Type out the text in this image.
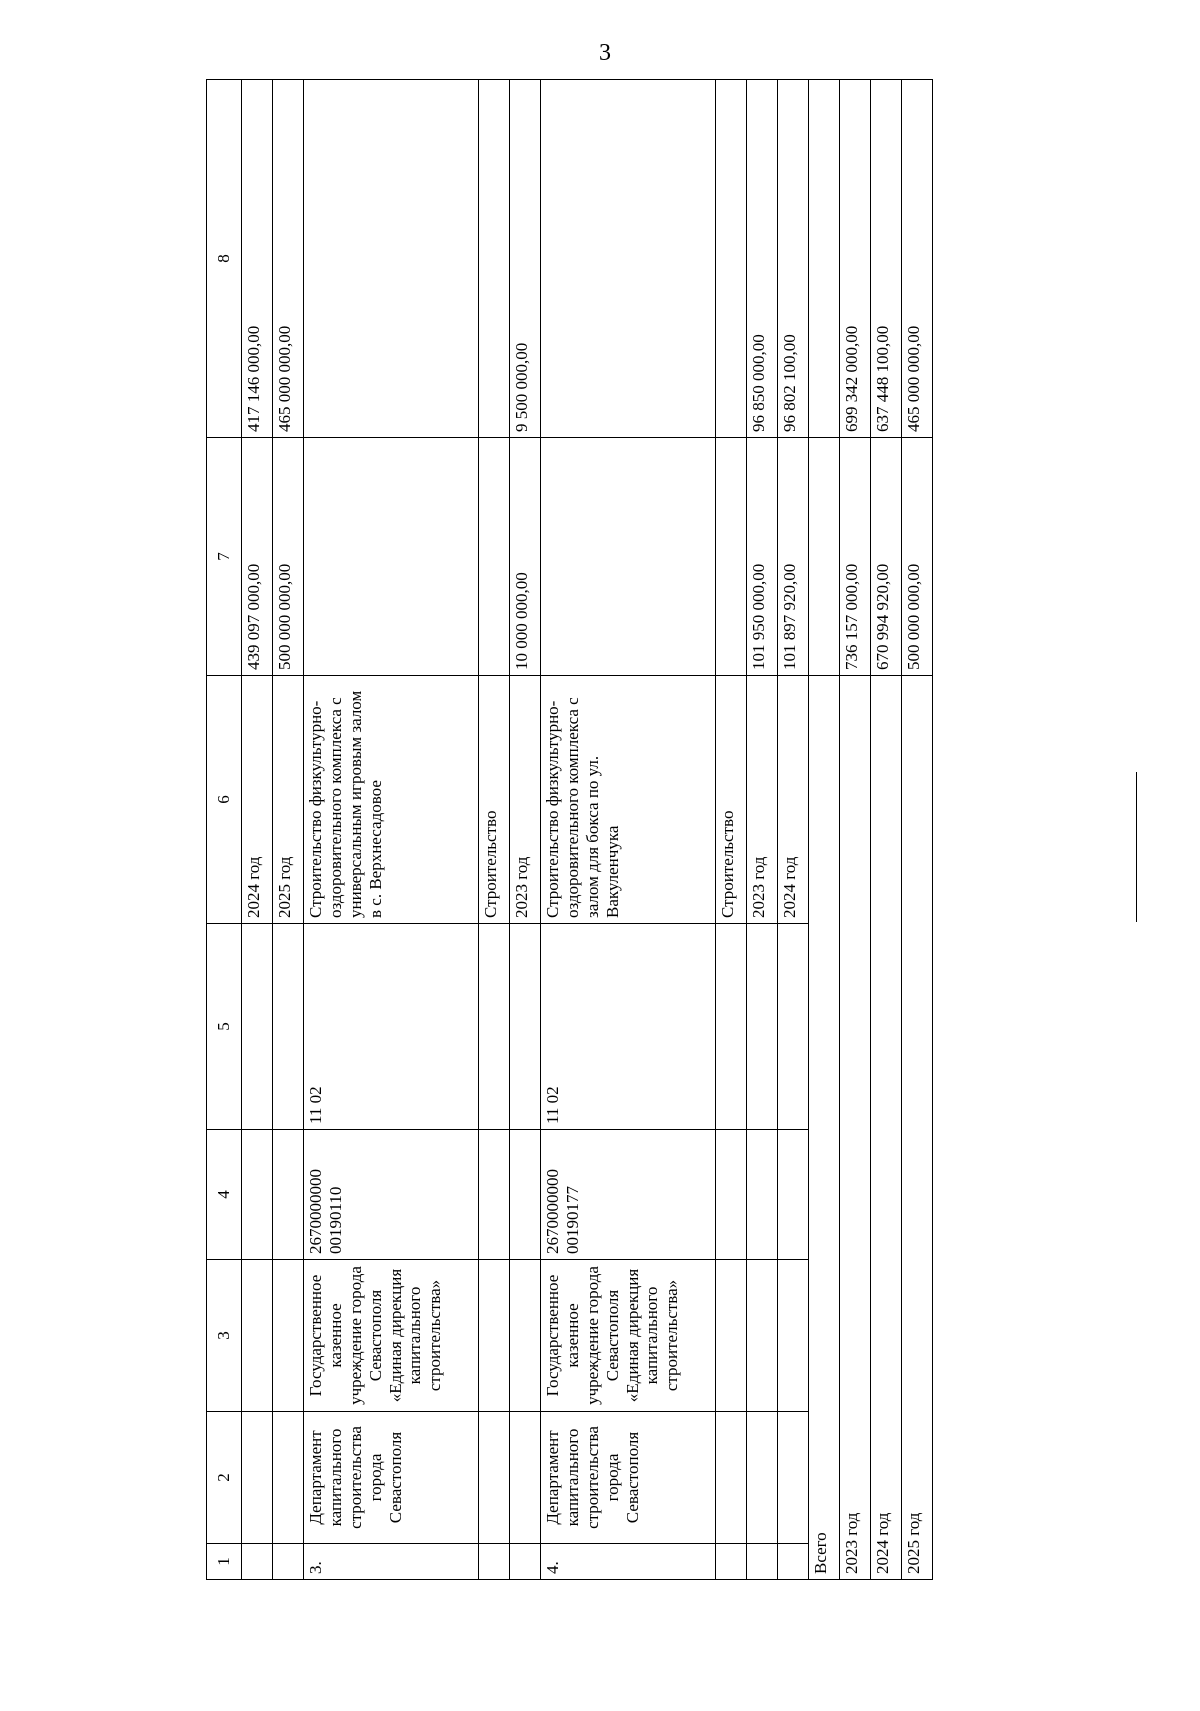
3
1	2	3	4	5	6	7	8
					2024 год	439 097 000,00	417 146 000,00
					2025 год	500 000 000,00	465 000 000,00
3.	Департамент капитального строительства города Севастополя	Государственное казенное учреждение города Севастополя «Единая дирекция капитального строительства»	2670000000 00190110	11 02	Строительство физкультурно-оздоровительного комплекса с универсальным игровым залом в с. Верхнесадовое		
					Строительство		
					2023 год	10 000 000,00	9 500 000,00
4.	Департамент капитального строительства города Севастополя	Государственное казенное учреждение города Севастополя «Единая дирекция капитального строительства»	2670000000 00190177	11 02	Строительство физкультурно-оздоровительного комплекса с залом для бокса по ул. Вакуленчука		
					Строительство		
					2023 год	101 950 000,00	96 850 000,00
					2024 год	101 897 920,00	96 802 100,00
Всего							
2023 год						736 157 000,00	699 342 000,00
2024 год						670 994 920,00	637 448 100,00
2025 год						500 000 000,00	465 000 000,00
